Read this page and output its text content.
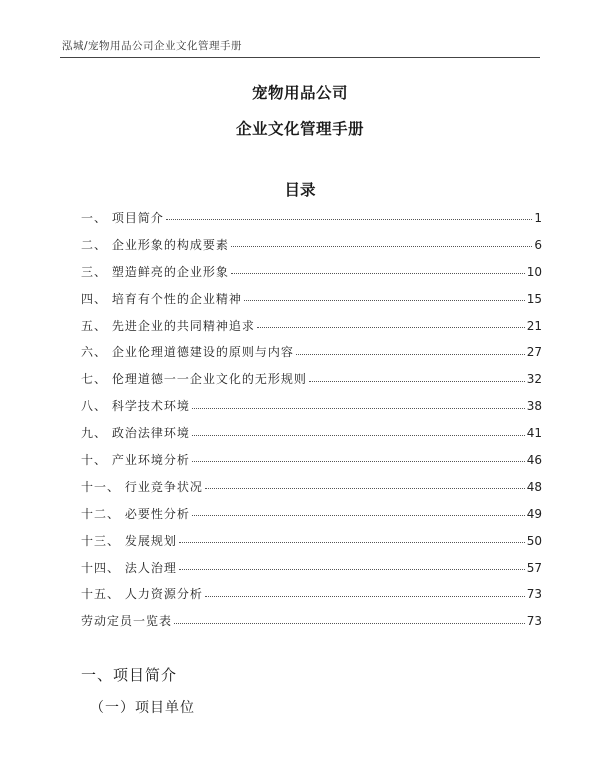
泓城/宠物用品公司企业文化管理手册
宠物用品公司
企业文化管理手册
目录
一、 项目简介	1
二、 企业形象的构成要素	6
三、 塑造鲜亮的企业形象	10
四、 培育有个性的企业精神	15
五、 先进企业的共同精神追求	21
六、 企业伦理道德建设的原则与内容	27
七、 伦理道德一一企业文化的无形规则	32
八、 科学技术环境	38
九、 政治法律环境	41
十、 产业环境分析	46
十一、 行业竞争状况	48
十二、 必要性分析	49
十三、 发展规划	50
十四、 法人治理	57
十五、 人力资源分析	73
劳动定员一览表	73
一、项目简介
（一）项目单位
